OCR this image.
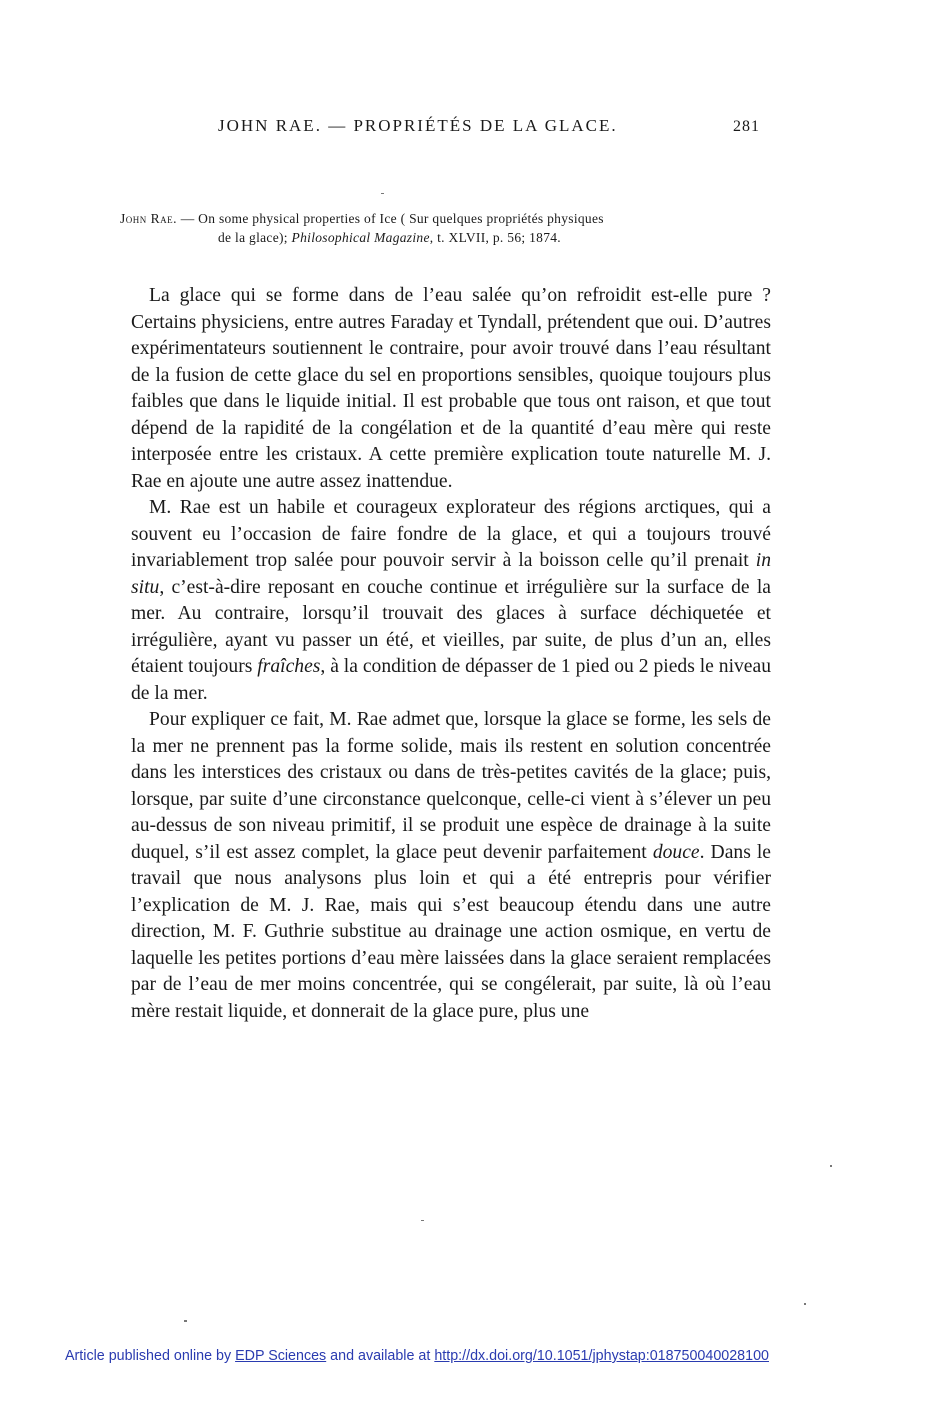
JOHN RAE. — PROPRIÉTÉS DE LA GLACE.	281
John Rae. — On some physical properties of Ice ( Sur quelques propriétés physiques
de la glace); Philosophical Magazine, t. XLVII, p. 56; 1874.

La glace qui se forme dans de l’eau salée qu’on refroidit est-elle pure ? Certains physiciens, entre autres Faraday et Tyndall, prétendent que oui. D’autres expérimentateurs soutiennent le contraire, pour avoir trouvé dans l’eau résultant de la fusion de cette glace du sel en proportions sensibles, quoique toujours plus faibles que dans le liquide initial. Il est probable que tous ont raison, et que tout dépend de la rapidité de la congélation et de la quantité d’eau mère qui reste interposée entre les cristaux. A cette première explication toute naturelle M. J. Rae en ajoute une autre assez inattendue.

M. Rae est un habile et courageux explorateur des régions arctiques, qui a souvent eu l’occasion de faire fondre de la glace, et qui a toujours trouvé invariablement trop salée pour pouvoir servir à la boisson celle qu’il prenait in situ, c’est-à-dire reposant en couche continue et irrégulière sur la surface de la mer. Au contraire, lorsqu’il trouvait des glaces à surface déchiquetée et irrégulière, ayant vu passer un été, et vieilles, par suite, de plus d’un an, elles étaient toujours fraîches, à la condition de dépasser de 1 pied ou 2 pieds le niveau de la mer.

Pour expliquer ce fait, M. Rae admet que, lorsque la glace se forme, les sels de la mer ne prennent pas la forme solide, mais ils restent en solution concentrée dans les interstices des cristaux ou dans de très-petites cavités de la glace; puis, lorsque, par suite d’une circonstance quelconque, celle-ci vient à s’élever un peu au-dessus de son niveau primitif, il se produit une espèce de drainage à la suite duquel, s’il est assez complet, la glace peut devenir parfaitement douce. Dans le travail que nous analysons plus loin et qui a été entrepris pour vérifier l’explication de M. J. Rae, mais qui s’est beaucoup étendu dans une autre direction, M. F. Guthrie substitue au drainage une action osmique, en vertu de laquelle les petites portions d’eau mère laissées dans la glace seraient remplacées par de l’eau de mer moins concentrée, qui se congélerait, par suite, là où l’eau mère restait liquide, et donnerait de la glace pure, plus une

Article published online by EDP Sciences and available at http://dx.doi.org/10.1051/jphystap:018750040028100
